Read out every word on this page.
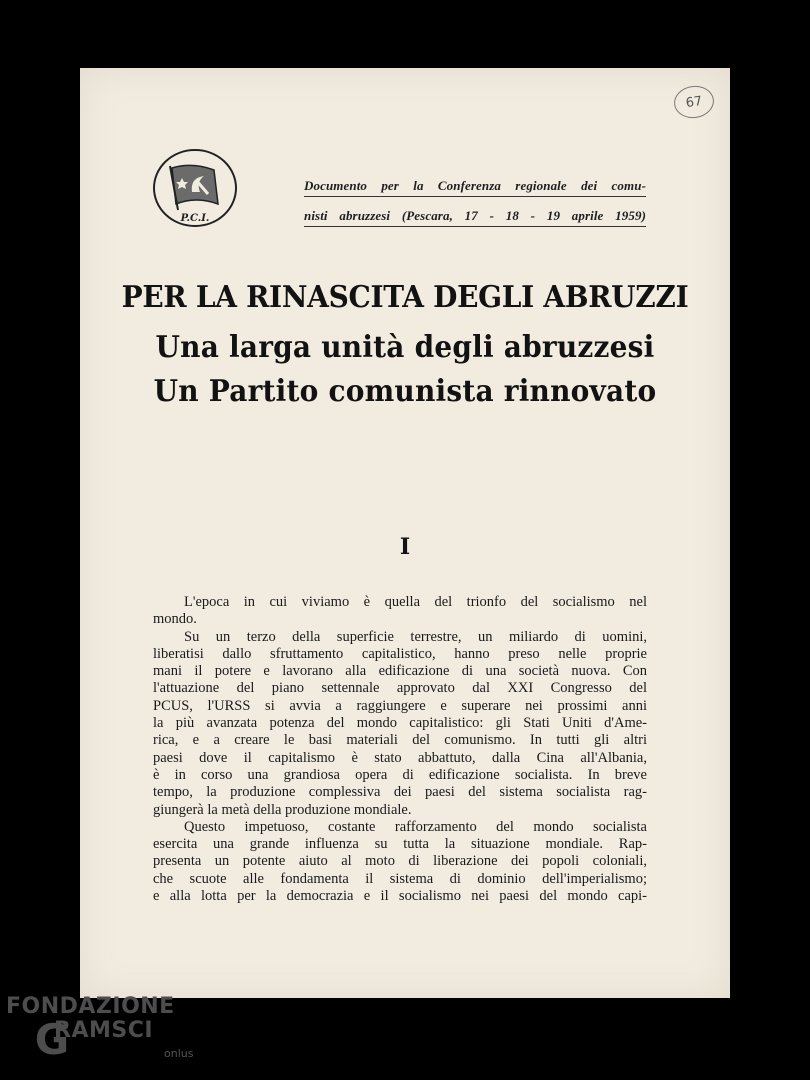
67
P.C.I.
Documento per la Conferenza regionale dei comu-
nisti abruzzesi (Pescara, 17 - 18 - 19 aprile 1959)
PER LA RINASCITA DEGLI ABRUZZI
Una larga unità degli abruzzesi
Un Partito comunista rinnovato
I
L'epoca in cui viviamo è quella del trionfo del socialismo nel
mondo.
Su un terzo della superficie terrestre, un miliardo di uomini,
liberatisi dallo sfruttamento capitalistico, hanno preso nelle proprie
mani il potere e lavorano alla edificazione di una società nuova. Con
l'attuazione del piano settennale approvato dal XXI Congresso del
PCUS, l'URSS si avvia a raggiungere e superare nei prossimi anni
la più avanzata potenza del mondo capitalistico: gli Stati Uniti d'Ame-
rica, e a creare le basi materiali del comunismo. In tutti gli altri
paesi dove il capitalismo è stato abbattuto, dalla Cina all'Albania,
è in corso una grandiosa opera di edificazione socialista. In breve
tempo, la produzione complessiva dei paesi del sistema socialista rag-
giungerà la metà della produzione mondiale.
Questo impetuoso, costante rafforzamento del mondo socialista
esercita una grande influenza su tutta la situazione mondiale. Rap-
presenta un potente aiuto al moto di liberazione dei popoli coloniali,
che scuote alle fondamenta il sistema di dominio dell'imperialismo;
e alla lotta per la democrazia e il socialismo nei paesi del mondo capi-
FONDAZIONE
G
RAMSCI
onlus
